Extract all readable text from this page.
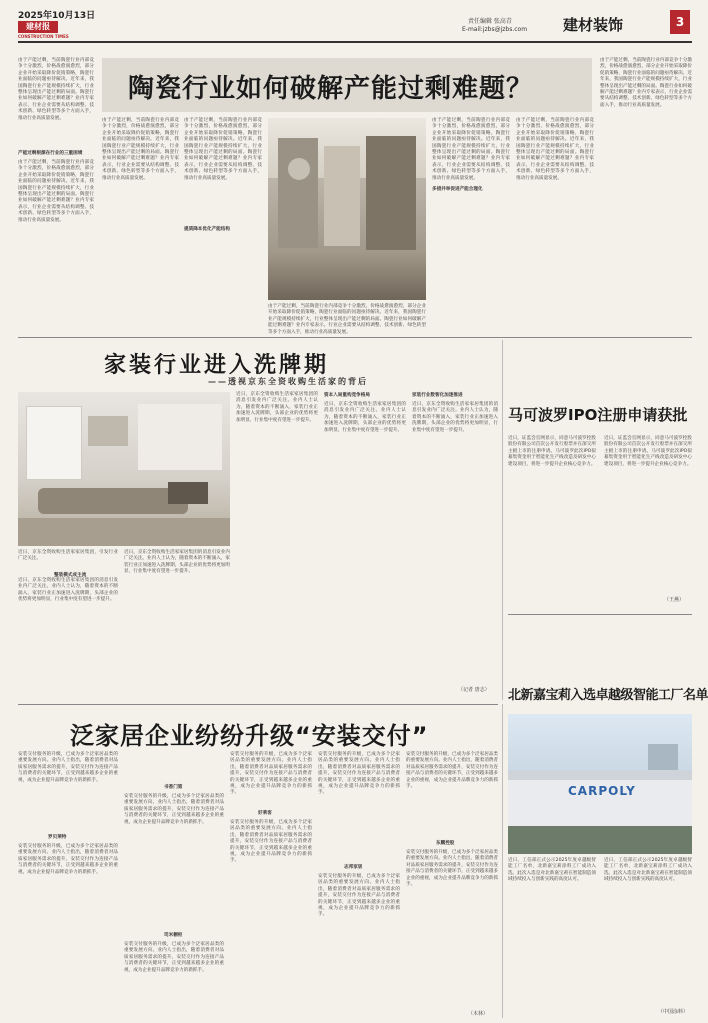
2025年10月13日
建材报
CONSTRUCTION TIMES
责任编辑 张高青
E-mail:jzbs@jzbs.com 建材装饰	3
由于产能过剩，当前陶瓷行业内部竞争十分激烈，价格战愈演愈烈，部分企业开始采取降价促销策略，陶瓷行业面临的问题亟待解决。近年来，我国陶瓷行业产能规模持续扩大，行业整体呈现出产能过剩的局面。陶瓷行业如何破解产能过剩难题？业内专家表示，行业企业需要从结构调整、技术创新、绿色转型等多个方面入手，推动行业高质量发展。
产能过剩根源在行业的三重困境
由于产能过剩，当前陶瓷行业内部竞争十分激烈，价格战愈演愈烈，部分企业开始采取降价促销策略，陶瓷行业面临的问题亟待解决。近年来，我国陶瓷行业产能规模持续扩大，行业整体呈现出产能过剩的局面。陶瓷行业如何破解产能过剩难题？业内专家表示，行业企业需要从结构调整、技术创新、绿色转型等多个方面入手，推动行业高质量发展。
陶瓷行业如何破解产能过剩难题？
由于产能过剩，当前陶瓷行业内部竞争十分激烈，价格战愈演愈烈，部分企业开始采取降价促销策略，陶瓷行业面临的问题亟待解决。近年来，我国陶瓷行业产能规模持续扩大，行业整体呈现出产能过剩的局面。陶瓷行业如何破解产能过剩难题？业内专家表示，行业企业需要从结构调整、技术创新、绿色转型等多个方面入手，推动行业高质量发展。
由于产能过剩，当前陶瓷行业内部竞争十分激烈，价格战愈演愈烈，部分企业开始采取降价促销策略，陶瓷行业面临的问题亟待解决。近年来，我国陶瓷行业产能规模持续扩大，行业整体呈现出产能过剩的局面。陶瓷行业如何破解产能过剩难题？业内专家表示，行业企业需要从结构调整、技术创新、绿色转型等多个方面入手，推动行业高质量发展。
提质降本优化产能结构
由于产能过剩，当前陶瓷行业内部竞争十分激烈，价格战愈演愈烈，部分企业开始采取降价促销策略，陶瓷行业面临的问题亟待解决。近年来，我国陶瓷行业产能规模持续扩大，行业整体呈现出产能过剩的局面。陶瓷行业如何破解产能过剩难题？业内专家表示，行业企业需要从结构调整、技术创新、绿色转型等多个方面入手，推动行业高质量发展。
由于产能过剩，当前陶瓷行业内部竞争十分激烈，价格战愈演愈烈，部分企业开始采取降价促销策略，陶瓷行业面临的问题亟待解决。近年来，我国陶瓷行业产能规模持续扩大，行业整体呈现出产能过剩的局面。陶瓷行业如何破解产能过剩难题？业内专家表示，行业企业需要从结构调整、技术创新、绿色转型等多个方面入手，推动行业高质量发展。
多措并举促进产能合理化
由于产能过剩，当前陶瓷行业内部竞争十分激烈，价格战愈演愈烈，部分企业开始采取降价促销策略，陶瓷行业面临的问题亟待解决。近年来，我国陶瓷行业产能规模持续扩大，行业整体呈现出产能过剩的局面。陶瓷行业如何破解产能过剩难题？业内专家表示，行业企业需要从结构调整、技术创新、绿色转型等多个方面入手，推动行业高质量发展。
由于产能过剩，当前陶瓷行业内部竞争十分激烈，价格战愈演愈烈，部分企业开始采取降价促销策略，陶瓷行业面临的问题亟待解决。近年来，我国陶瓷行业产能规模持续扩大，行业整体呈现出产能过剩的局面。陶瓷行业如何破解产能过剩难题？业内专家表示，行业企业需要从结构调整、技术创新、绿色转型等多个方面入手，推动行业高质量发展。
家装行业进入洗牌期
——透视京东全资收购生活家的背后
近日，京东全资收购生活家家居集团，引发行业广泛关注。
近日，京东全资收购生活家家居集团的消息引发业内广泛关注。业内人士认为，随着资本的不断涌入，家装行业正加速进入洗牌期，头部企业的优势将更加明显，行业集中度有望进一步提升。
整装模式成主流
近日，京东全资收购生活家家居集团的消息引发业内广泛关注。业内人士认为，随着资本的不断涌入，家装行业正加速进入洗牌期，头部企业的优势将更加明显，行业集中度有望进一步提升。
近日，京东全资收购生活家家居集团的消息引发业内广泛关注。业内人士认为，随着资本的不断涌入，家装行业正加速进入洗牌期，头部企业的优势将更加明显，行业集中度有望进一步提升。
资本入局重构竞争格局
近日，京东全资收购生活家家居集团的消息引发业内广泛关注。业内人士认为，随着资本的不断涌入，家装行业正加速进入洗牌期，头部企业的优势将更加明显，行业集中度有望进一步提升。
家装行业数智化加速推进
近日，京东全资收购生活家家居集团的消息引发业内广泛关注。业内人士认为，随着资本的不断涌入，家装行业正加速进入洗牌期，头部企业的优势将更加明显，行业集中度有望进一步提升。
（记者 唐志）
马可波罗IPO注册申请获批
近日，证监会官网显示，同意马可波罗控股股份有限公司首次公开发行股票并在深交所主板上市的注册申请。马可波罗此次IPO拟募集资金用于智能化生产线改造及研发中心建设项目，将进一步提升企业核心竞争力。
近日，证监会官网显示，同意马可波罗控股股份有限公司首次公开发行股票并在深交所主板上市的注册申请。马可波罗此次IPO拟募集资金用于智能化生产线改造及研发中心建设项目，将进一步提升企业核心竞争力。
（王燕）
北新嘉宝莉入选卓越级智能工厂名单
CARPOLY
近日，工信部正式公示2025年度卓越级智能工厂名单，北新嘉宝莉涂料工厂成功入选。此次入选是对北新嘉宝莉在智能制造领域持续投入与创新实践的高度认可。
近日，工信部正式公示2025年度卓越级智能工厂名单，北新嘉宝莉涂料工厂成功入选。此次入选是对北新嘉宝莉在智能制造领域持续投入与创新实践的高度认可。
（中国涂料）
泛家居企业纷纷升级“安装交付”
安装交付服务的升级，已成为多个泛家居品类的重要发展方向。业内人士指出，随着消费者对品质家居服务需求的提升，安装交付作为连接产品与消费者的关键环节，正受到越来越多企业的重视，成为企业提升品牌竞争力的新抓手。
罗贝莱特
安装交付服务的升级，已成为多个泛家居品类的重要发展方向。业内人士指出，随着消费者对品质家居服务需求的提升，安装交付作为连接产品与消费者的关键环节，正受到越来越多企业的重视，成为企业提升品牌竞争力的新抓手。
书香门第
安装交付服务的升级，已成为多个泛家居品类的重要发展方向。业内人士指出，随着消费者对品质家居服务需求的提升，安装交付作为连接产品与消费者的关键环节，正受到越来越多企业的重视，成为企业提升品牌竞争力的新抓手。
司米橱柜
安装交付服务的升级，已成为多个泛家居品类的重要发展方向。业内人士指出，随着消费者对品质家居服务需求的提升，安装交付作为连接产品与消费者的关键环节，正受到越来越多企业的重视，成为企业提升品牌竞争力的新抓手。
安装交付服务的升级，已成为多个泛家居品类的重要发展方向。业内人士指出，随着消费者对品质家居服务需求的提升，安装交付作为连接产品与消费者的关键环节，正受到越来越多企业的重视，成为企业提升品牌竞争力的新抓手。
好莱客
安装交付服务的升级，已成为多个泛家居品类的重要发展方向。业内人士指出，随着消费者对品质家居服务需求的提升，安装交付作为连接产品与消费者的关键环节，正受到越来越多企业的重视，成为企业提升品牌竞争力的新抓手。
安装交付服务的升级，已成为多个泛家居品类的重要发展方向。业内人士指出，随着消费者对品质家居服务需求的提升，安装交付作为连接产品与消费者的关键环节，正受到越来越多企业的重视，成为企业提升品牌竞争力的新抓手。
志邦家居
安装交付服务的升级，已成为多个泛家居品类的重要发展方向。业内人士指出，随着消费者对品质家居服务需求的提升，安装交付作为连接产品与消费者的关键环节，正受到越来越多企业的重视，成为企业提升品牌竞争力的新抓手。
安装交付服务的升级，已成为多个泛家居品类的重要发展方向。业内人士指出，随着消费者对品质家居服务需求的提升，安装交付作为连接产品与消费者的关键环节，正受到越来越多企业的重视，成为企业提升品牌竞争力的新抓手。
东鹏控股
安装交付服务的升级，已成为多个泛家居品类的重要发展方向。业内人士指出，随着消费者对品质家居服务需求的提升，安装交付作为连接产品与消费者的关键环节，正受到越来越多企业的重视，成为企业提升品牌竞争力的新抓手。
（木林）
